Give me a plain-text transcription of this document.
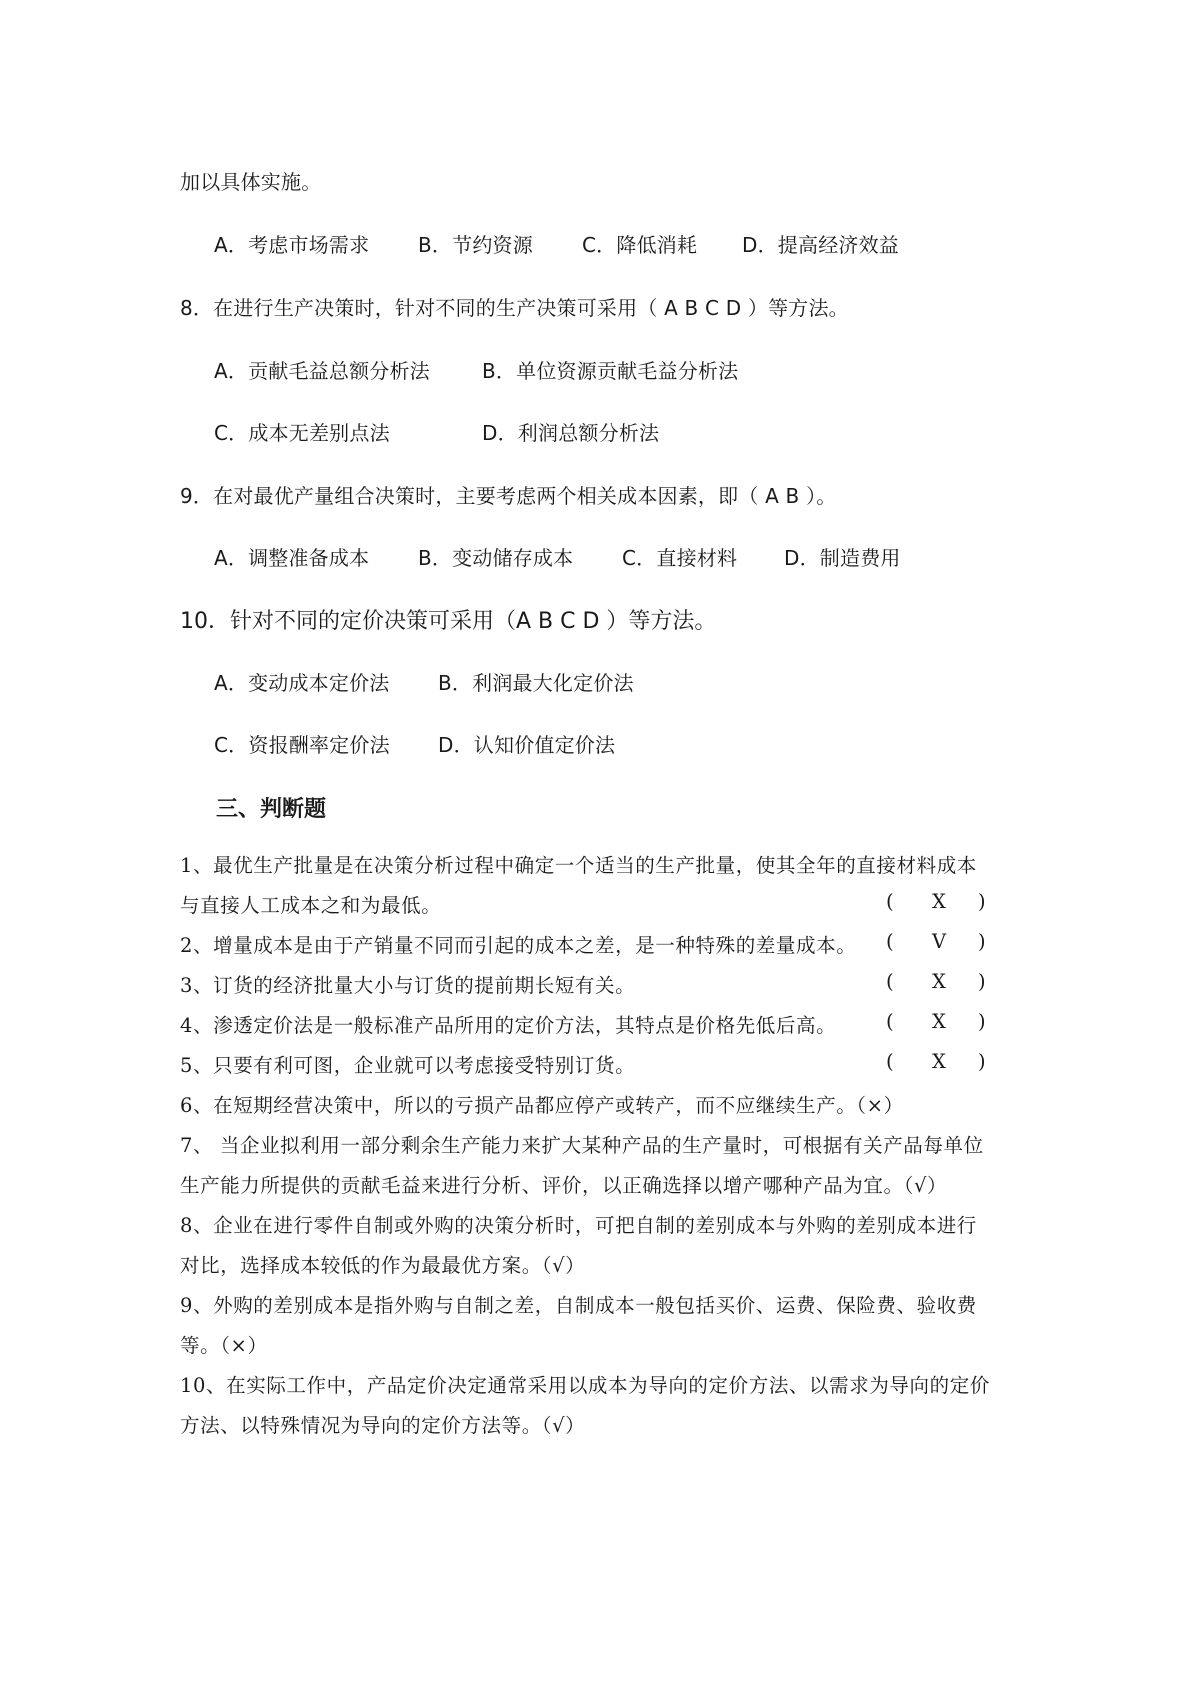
加以具体实施。
A．考虑市场需求 B．节约资源 C．降低消耗 D．提高经济效益
8．在进行生产决策时，针对不同的生产决策可采用（ A B C D ）等方法。
A．贡献毛益总额分析法	B．单位资源贡献毛益分析法
C．成本无差别点法	D．利润总额分析法
9．在对最优产量组合决策时，主要考虑两个相关成本因素，即（ A B ）。
A．调整准备成本 B．变动储存成本 C．直接材料 D．制造费用
10．针对不同的定价决策可采用（A B C D ）等方法。
A．变动成本定价法 B．利润最大化定价法
C．资报酬率定价法 D．认知价值定价法
三、判断题
1、最优生产批量是在决策分析过程中确定一个适当的生产批量，使其全年的直接材料成本
与直接人工成本之和为最低。	( X )
2、增量成本是由于产销量不同而引起的成本之差，是一种特殊的差量成本。 ( V )
3、订货的经济批量大小与订货的提前期长短有关。	( X )
4、渗透定价法是一般标准产品所用的定价方法，其特点是价格先低后高。	( X )
5、只要有利可图，企业就可以考虑接受特别订货。	( X )
6、在短期经营决策中，所以的亏损产品都应停产或转产，而不应继续生产。（×）
7、 当企业拟利用一部分剩余生产能力来扩大某种产品的生产量时，可根据有关产品每单位
生产能力所提供的贡献毛益来进行分析、评价，以正确选择以增产哪种产品为宜。（√）
8、企业在进行零件自制或外购的决策分析时，可把自制的差别成本与外购的差别成本进行
对比，选择成本较低的作为最最优方案。（√）
9、外购的差别成本是指外购与自制之差，自制成本一般包括买价、运费、保险费、验收费
等。（×）
10、在实际工作中，产品定价决定通常采用以成本为导向的定价方法、以需求为导向的定价
方法、以特殊情况为导向的定价方法等。（√）
